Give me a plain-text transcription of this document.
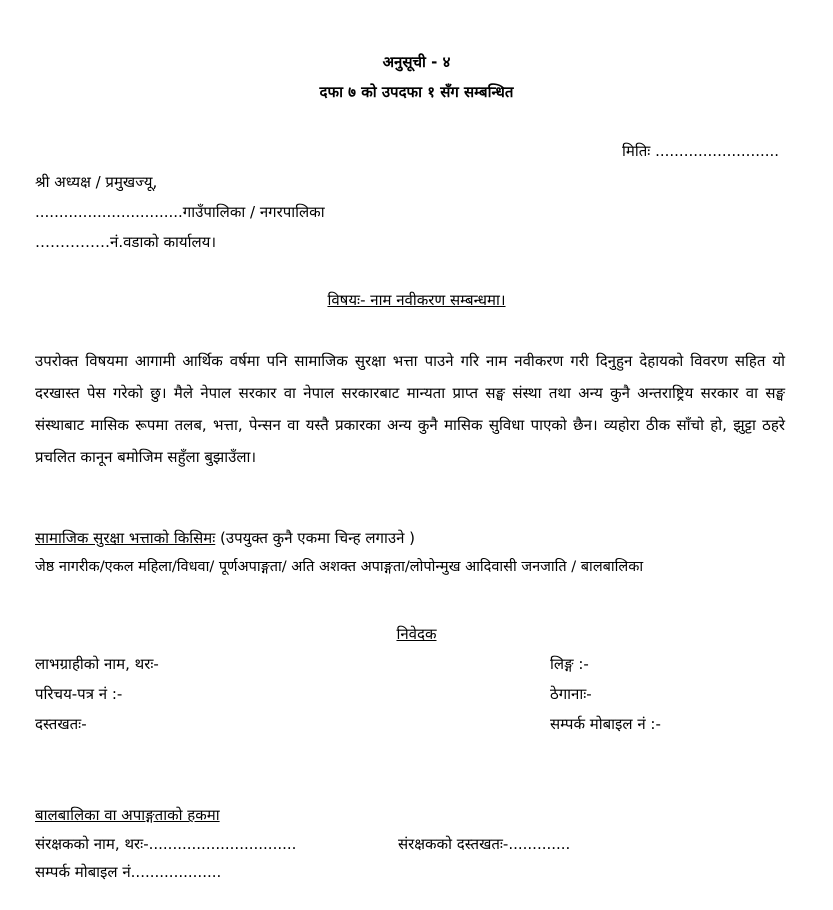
अनुसूची - ४
दफा ७ को उपदफा १ सँग सम्बन्धित
मितिः ..........................
श्री अध्यक्ष / प्रमुखज्यू,
...............................गाउँपालिका / नगरपालिका
……………नं.वडाको कार्यालय।
विषयः- नाम नवीकरण सम्बन्धमा।
उपरोक्त विषयमा आगामी आर्थिक वर्षमा पनि सामाजिक सुरक्षा भत्ता पाउने गरि नाम नवीकरण गरी दिनुहुन देहायको विवरण सहित यो दरखास्त पेस गरेको छु। मैले नेपाल सरकार वा नेपाल सरकारबाट मान्यता प्राप्त सङ्घ संस्था तथा अन्य कुनै अन्तराष्ट्रिय सरकार वा सङ्घ संस्थाबाट मासिक रूपमा तलब, भत्ता, पेन्सन वा यस्तै प्रकारका अन्य कुनै मासिक सुविधा पाएको छैन। व्यहोरा ठीक साँचो हो, झुट्टा ठहरे प्रचलित कानून बमोजिम सहुँला बुझाउँला।
सामाजिक सुरक्षा भत्ताको किसिमः (उपयुक्त कुनै एकमा चिन्ह लगाउने )
जेष्ठ नागरीक/एकल महिला/विधवा/ पूर्णअपाङ्गता/ अति अशक्त अपाङ्गता/लोपोन्मुख आदिवासी जनजाति / बालबालिका
निवेदक
लाभग्राहीको नाम, थरः-	लिङ्ग :-
परिचय-पत्र नं :-	ठेगानाः-
दस्तखतः-	सम्पर्क मोबाइल नं :-
बालबालिका वा अपाङ्गताको हकमा
संरक्षकको नाम, थरः-...............................	संरक्षकको दस्तखतः-.............
सम्पर्क मोबाइल नं...................
